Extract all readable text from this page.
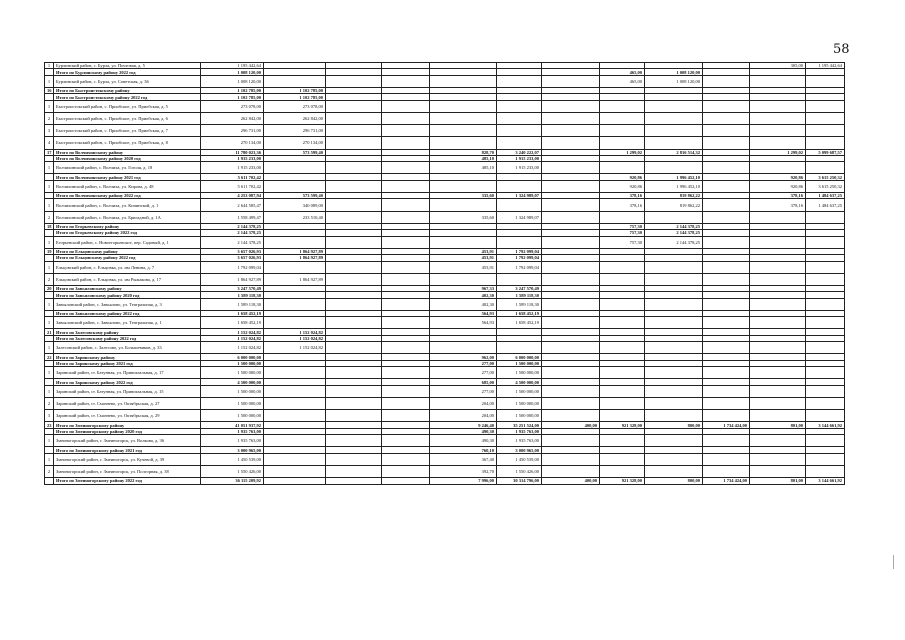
58
1	Бурлинский район, с. Бурла, ул. Почтовая, д. 5	1 195 442,64										305,00	1 195 442,64
	Итого по Бурлинскому району 2022 год	1 008 120,00							465,00	1 008 120,00			
1	Бурлинский район, с. Бурла, ул. Советская, д. 36	1 008 120,00							465,00	1 008 120,00			
16	Итого по Быстроистокскому району	1 102 785,00	1 102 785,00										
	Итого по Быстроистокскому району 2022 год	1 102 785,00	1 102 785,00										
1	Быстроистокский район, с. Приобское, ул. Приобская, д. 5	273 078,00	273 078,00										
2	Быстроистокский район, с. Приобское, ул. Приобская, д. 6	262 842,00	262 842,00										
3	Быстроистокский район, с. Приобское, ул. Приобская, д. 7	296 731,00	296 731,00										
4	Быстроистокский район, с. Приобское, ул. Приобская, д. 8	270 134,00	270 134,00										
17	Итого по Волчихинскому району	11 780 023,36	573 599,40			828,70	3 240 222,07		1 299,02	2 816 514,32		1 299,02	5 099 687,57
	Итого по Волчихинскому району 2020 год	1 915 233,00				485,10	1 915 233,00						
1	Волчихинский район, с. Волчиха, ул. Гоголя, д. 18	1 915 233,00				485,10	1 915 233,00						
	Итого по Волчихинскому району 2021 год	5 611 702,42							920,86	1 996 452,10		920,86	3 615 250,32
1	Волчихинский район, с. Волчиха, ул. Кирова, д. 48	5 611 702,42							920,86	1 996 452,10		920,86	3 615 250,32
	Итого по Волчихинскому району 2022 год	4 253 087,94	573 599,40			335,60	1 324 989,07		378,16	819 862,22		378,16	1 484 637,25
1	Волчихинский район, с. Волчиха, ул. Кичинской, д. 1	2 644 585,47	340 089,00						378,16	819 862,22		378,16	1 484 637,25
2	Волчихинский район, с. Волчиха, ул. Бригадной, д. 1А	1 558 499,47	233 510,40			335,60	1 324 989,07						
18	Итого по Егорьевскому району	2 144 378,25							757,30	2 144 378,25			
	Итого по Егорьевскому району 2022 год	2 144 378,25							757,30	2 144 378,25			
1	Егорьевский район, с. Новоегорьевское, пер. Садовый, д. 1	2 144 378,25							757,30	2 144 378,25			
19	Итого по Ельцовскому району	3 657 026,93	1 864 927,89			453,91	1 792 099,04						
	Итого по Ельцовскому району 2022 год	3 657 026,93	1 864 927,89			453,91	1 792 099,04						
1	Ельцовский район, с. Ельцовка, ул. им Ленина, д. 7	1 792 099,04				453,91	1 792 099,04						
2	Ельцовский район, с. Ельцовка, ул. им Рыжакова, д. 17	1 864 927,89	1 864 927,89										
20	Итого по Завьяловскому району	3 247 570,49				967,33	3 247 570,49						
	Итого по Завьяловскому району 2020 год	1 589 118,30				402,30	1 589 118,30						
1	Завьяловский район, с. Завьялово, ул. Театральная, д. 3	1 589 118,30				402,30	1 589 118,30						
	Итого по Завьяловскому району 2022 год	1 658 452,19				564,93	1 658 452,19						
1	Завьяловский район, с. Завьялово, ул. Театральная, д. 1	1 658 452,19				564,93	1 658 452,19						
21	Итого по Залесовскому району	1 152 024,82	1 152 024,82										
	Итого по Залесовскому району 2022 год	1 152 024,82	1 152 024,82										
1	Залесовский район, с. Залесово, ул. Большевиков, д. 33	1 152 024,82	1 152 024,82										
22	Итого по Заринскому району	6 000 000,00				962,00	6 000 000,00						
	Итого по Заринскому району 2021 год	1 500 000,00				277,00	1 500 000,00						
1	Заринский район, ст. Батунная, ул. Привокзальная, д. 17	1 500 000,00				277,00	1 500 000,00						
	Итого по Заринскому району 2022 год	4 500 000,00				685,00	4 500 000,00						
1	Заринский район, ст. Батунная, ул. Привокзальная, д. 15	1 500 000,00				277,00	1 500 000,00						
2	Заринский район, ст. Смазнево, ул. Октябрьская, д. 27	1 500 000,00				204,00	1 500 000,00						
3	Заринский район, ст. Смазнево, ул. Октябрьская, д. 29	1 500 000,00				204,00	1 500 000,00						
23	Итого по Змеиногорскому району	41 051 937,92				9 246,40	35 251 524,00	400,00	921 328,00	800,00	1 734 424,00	801,00	3 144 661,92
	Итого по Змеиногорскому району 2020 год	1 935 763,00				490,30	1 935 763,00						
1	Змеиногорский район, г. Змеиногорск, ул. Волкова, д. 36	1 935 763,00				490,30	1 935 763,00						
	Итого по Змеиногорскому району 2021 год	3 000 965,00				760,10	3 000 965,00						
1	Змеиногорский район, г. Змеиногорск, ул. Кучевой, д. 39	1 450 539,00				367,40	1 450 539,00						
2	Змеиногорский район, г. Змеиногорск, ул. Полгорная, д. 38	1 550 426,00				392,70	1 550 426,00						
	Итого по Змеиногорскому району 2022 год	36 115 209,92				7 996,00	30 314 796,00	400,00	921 328,00	800,00	1 734 424,00	801,00	3 144 661,92
